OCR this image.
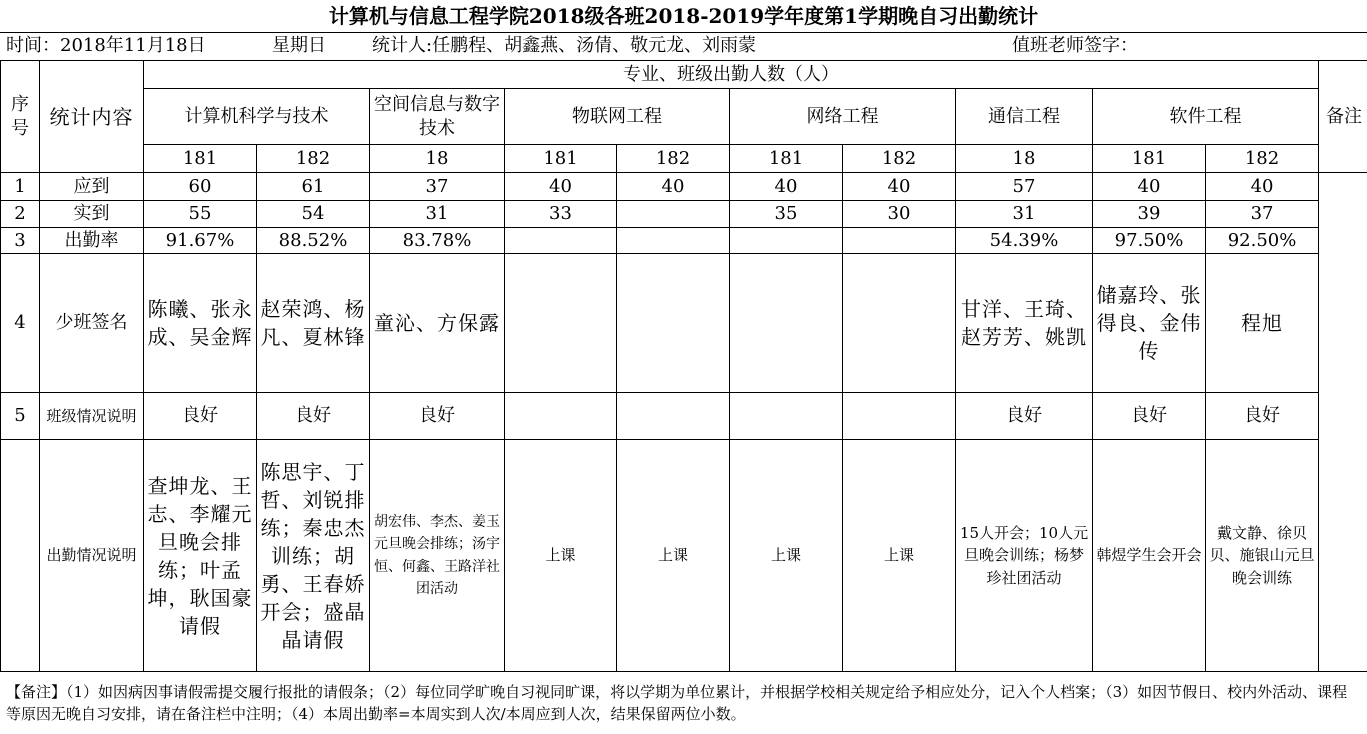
计算机与信息工程学院2018级各班2018-2019学年度第1学期晚自习出勤统计
时间：2018年11月18日	星期日	统计人:任鹏程、胡鑫燕、汤倩、敬元龙、刘雨蒙	值班老师签字：
序号	统计内容	专业、班级出勤人数（人）										备注
		计算机科学与技术		空间信息与数字技术	物联网工程		网络工程		通信工程	软件工程		
		181	182	18	181	182	181	182	18	181	182	
1	应到	60	61	37	40	40	40	40	57	40	40	
2	实到	55	54	31	33		35	30	31	39	37	
3	出勤率	91.67%	88.52%	83.78%					54.39%	97.50%	92.50%	
4	少班签名	陈曦、张永成、吴金辉	赵荣鸿、杨凡、夏林锋	童沁、方保露					甘洋、王琦、赵芳芳、姚凯	储嘉玲、张得良、金伟传	程旭	
5	班级情况说明	良好	良好	良好					良好	良好	良好	
	出勤情况说明	查坤龙、王志、李耀元旦晚会排练；叶孟坤，耿国豪请假	陈思宇、丁哲、刘锐排练；秦忠杰训练；胡勇、王春娇开会；盛晶晶请假	胡宏伟、李杰、姜玉元旦晚会排练；汤宇恒、何鑫、王路洋社团活动	上课	上课	上课	上课	15人开会；10人元旦晚会训练；杨梦珍社团活动	韩煜学生会开会	戴文静、徐贝贝、施银山元旦晚会训练	
【备注】（1）如因病因事请假需提交履行报批的请假条；（2）每位同学旷晚自习视同旷课，将以学期为单位累计，并根据学校相关规定给予相应处分，记入个人档案；（3）如因节假日、校内外活动、课程等原因无晚自习安排，请在备注栏中注明；（4）本周出勤率=本周实到人次/本周应到人次，结果保留两位小数。
